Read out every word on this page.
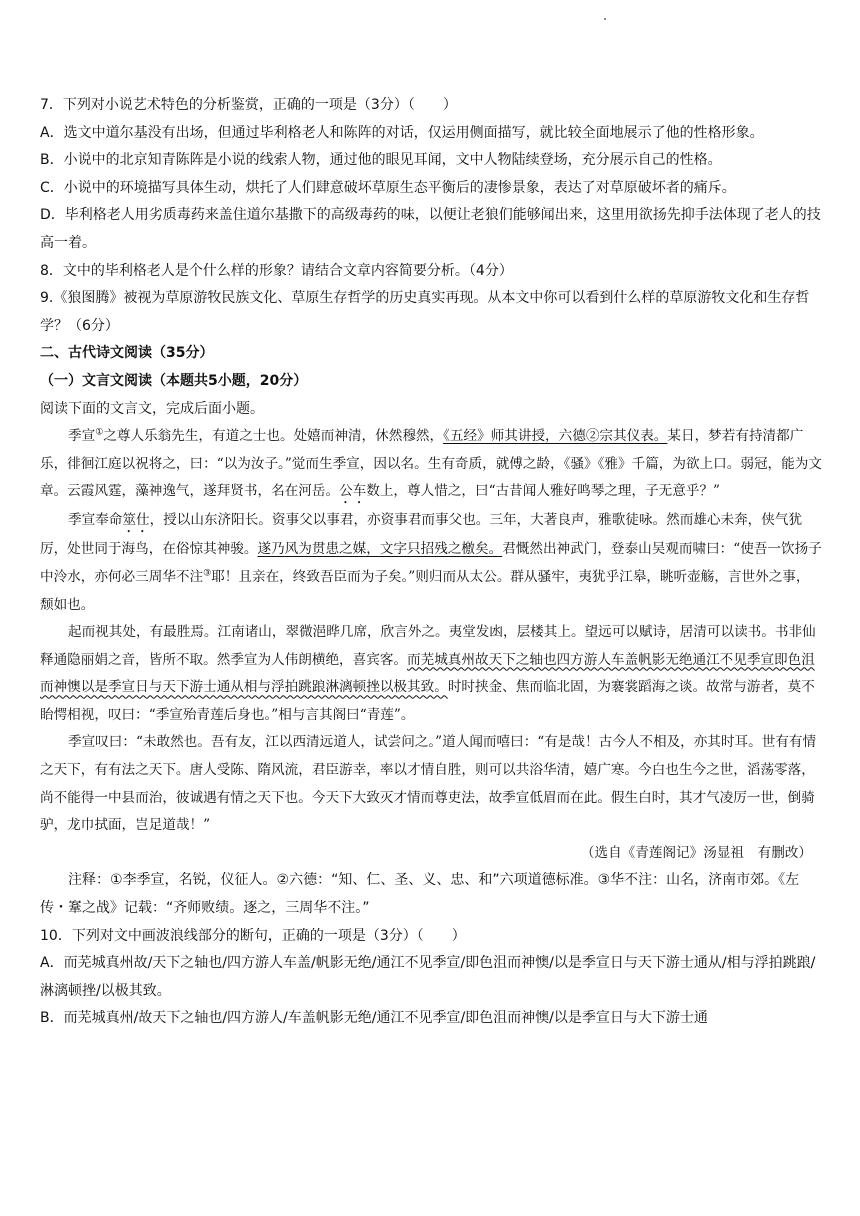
7．下列对小说艺术特色的分析鉴赏，正确的一项是（3分）（　　）

A．选文中道尔基没有出场，但通过毕利格老人和陈阵的对话，仅运用侧面描写，就比较全面地展示了他的性格形象。

B．小说中的北京知青陈阵是小说的线索人物，通过他的眼见耳闻，文中人物陆续登场，充分展示自己的性格。

C．小说中的环境描写具体生动，烘托了人们肆意破坏草原生态平衡后的凄惨景象，表达了对草原破坏者的痛斥。

D．毕利格老人用劣质毒药来盖住道尔基撒下的高级毒药的味，以便让老狼们能够闻出来，这里用欲扬先抑手法体现了老人的技高一着。

8．文中的毕利格老人是个什么样的形象？请结合文章内容简要分析。（4分）

9.《狼图腾》被视为草原游牧民族文化、草原生存哲学的历史真实再现。从本文中你可以看到什么样的草原游牧文化和生存哲学？（6分）

二、古代诗文阅读（35分）

（一）文言文阅读（本题共5小题，20分）

阅读下面的文言文，完成后面小题。

季宣①之尊人乐翁先生，有道之士也。处嬉而神清，休然穆然，《五经》师其讲授，六德②宗其仪表。某日，梦若有持清都广乐，徘徊江庭以祝将之，曰：“以为汝子。”觉而生季宣，因以名。生有奇质，就傅之龄，《骚》《雅》千篇，为欲上口。弱冠，能为文章。云霞风霆，藻神逸气，遂拜贤书，名在河岳。公车数上，尊人惜之，曰“古昔闻人雅好鸣琴之理，子无意乎？”

季宣奉命筮仕，授以山东济阳长。资事父以事君，亦资事君而事父也。三年，大著良声，雅歌徒咏。然而雄心未奔，侠气犹厉，处世同于海鸟，在俗惊其神骏。遂乃风为贯患之媒，文字只招残之檄矣。君慨然出神武门，登泰山吴观而啸曰：“使吾一饮扬子中泠水，亦何必三周华不注③耶！且亲在，终致吾臣而为子矣。”则归而从太公。群从骚牢，夷犹乎江皋，眺听壶觞，言世外之事，颓如也。

起而视其处，有最胜焉。江南诸山，翠微浥晔几席，欣言外之。夷堂发凼，层楼其上。望远可以赋诗，居清可以读书。书非仙释通隐丽娟之音，皆所不取。然季宣为人伟朗横绝，喜宾客。而芜城真州故天下之轴也四方游人车盖帆影无绝通江不见季宣即色沮而神懊以是季宣日与天下游士通从相与浮拍跳踉淋漓顿挫以极其致。时时挟金、焦而临北固，为褰裳蹈海之谈。故常与游者，莫不眙愕相视，叹曰：“季宣殆青莲后身也。”相与言其阁曰“青莲”。

季宣叹曰：“未敢然也。吾有友，江以西清远道人，试尝问之。”道人闻而嘻曰：“有是哉！古今人不相及，亦其时耳。世有有情之天下，有有法之天下。唐人受陈、隋风流，君臣游幸，率以才情自胜，则可以共浴华清，嬉广寒。今白也生今之世，滔荡零落，尚不能得一中县而治，彼诚遇有情之天下也。今天下大致灭才情而尊吏法，故季宣低眉而在此。假生白时，其才气凌厉一世，倒骑驴，龙巾拭面，岂足道哉！”

（选自《青莲阁记》汤显祖　有删改）

注释：①李季宣，名锐，仪征人。②六德：“知、仁、圣、义、忠、和”六项道德标准。③华不注：山名，济南市郊。《左传・鞌之战》记载：“齐师败绩。逐之，三周华不注。”

10．下列对文中画波浪线部分的断句，正确的一项是（3分）（　　）

A．而芜城真州故/天下之轴也/四方游人车盖/帆影无绝/通江不见季宣/即色沮而神懊/以是季宣日与天下游士通从/相与浮拍跳踉/淋漓顿挫/以极其致。

B．而芜城真州/故天下之轴也/四方游人/车盖帆影无绝/通江不见季宣/即色沮而神懊/以是季宣日与大下游士通
